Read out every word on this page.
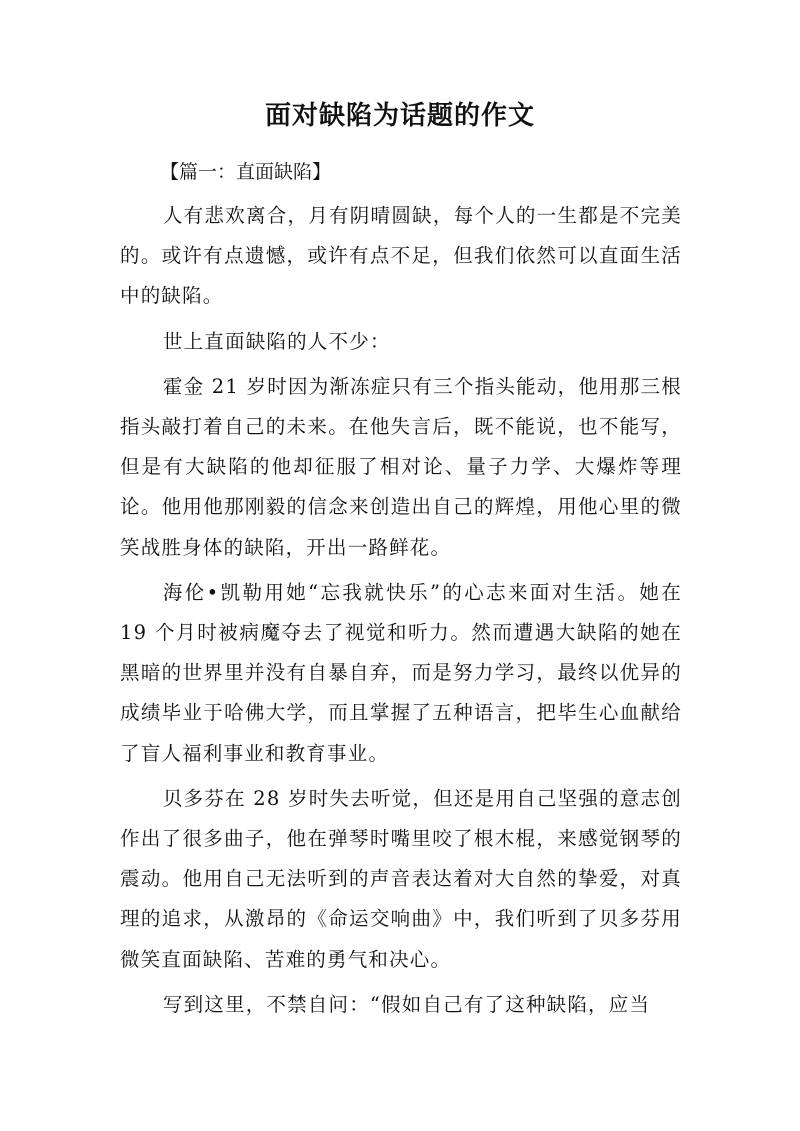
面对缺陷为话题的作文
【篇一：直面缺陷】

人有悲欢离合，月有阴晴圆缺，每个人的一生都是不完美的。或许有点遗憾，或许有点不足，但我们依然可以直面生活中的缺陷。

世上直面缺陷的人不少：

霍金 21 岁时因为渐冻症只有三个指头能动，他用那三根指头敲打着自己的未来。在他失言后，既不能说，也不能写，但是有大缺陷的他却征服了相对论、量子力学、大爆炸等理论。他用他那刚毅的信念来创造出自己的辉煌，用他心里的微笑战胜身体的缺陷，开出一路鲜花。

海伦•凯勒用她“忘我就快乐”的心志来面对生活。她在 19 个月时被病魔夺去了视觉和听力。然而遭遇大缺陷的她在黑暗的世界里并没有自暴自弃，而是努力学习，最终以优异的成绩毕业于哈佛大学，而且掌握了五种语言，把毕生心血献给了盲人福利事业和教育事业。

贝多芬在 28 岁时失去听觉，但还是用自己坚强的意志创作出了很多曲子，他在弹琴时嘴里咬了根木棍，来感觉钢琴的震动。他用自己无法听到的声音表达着对大自然的挚爱，对真理的追求，从激昂的《命运交响曲》中，我们听到了贝多芬用微笑直面缺陷、苦难的勇气和决心。

写到这里，不禁自问：“假如自己有了这种缺陷，应当
